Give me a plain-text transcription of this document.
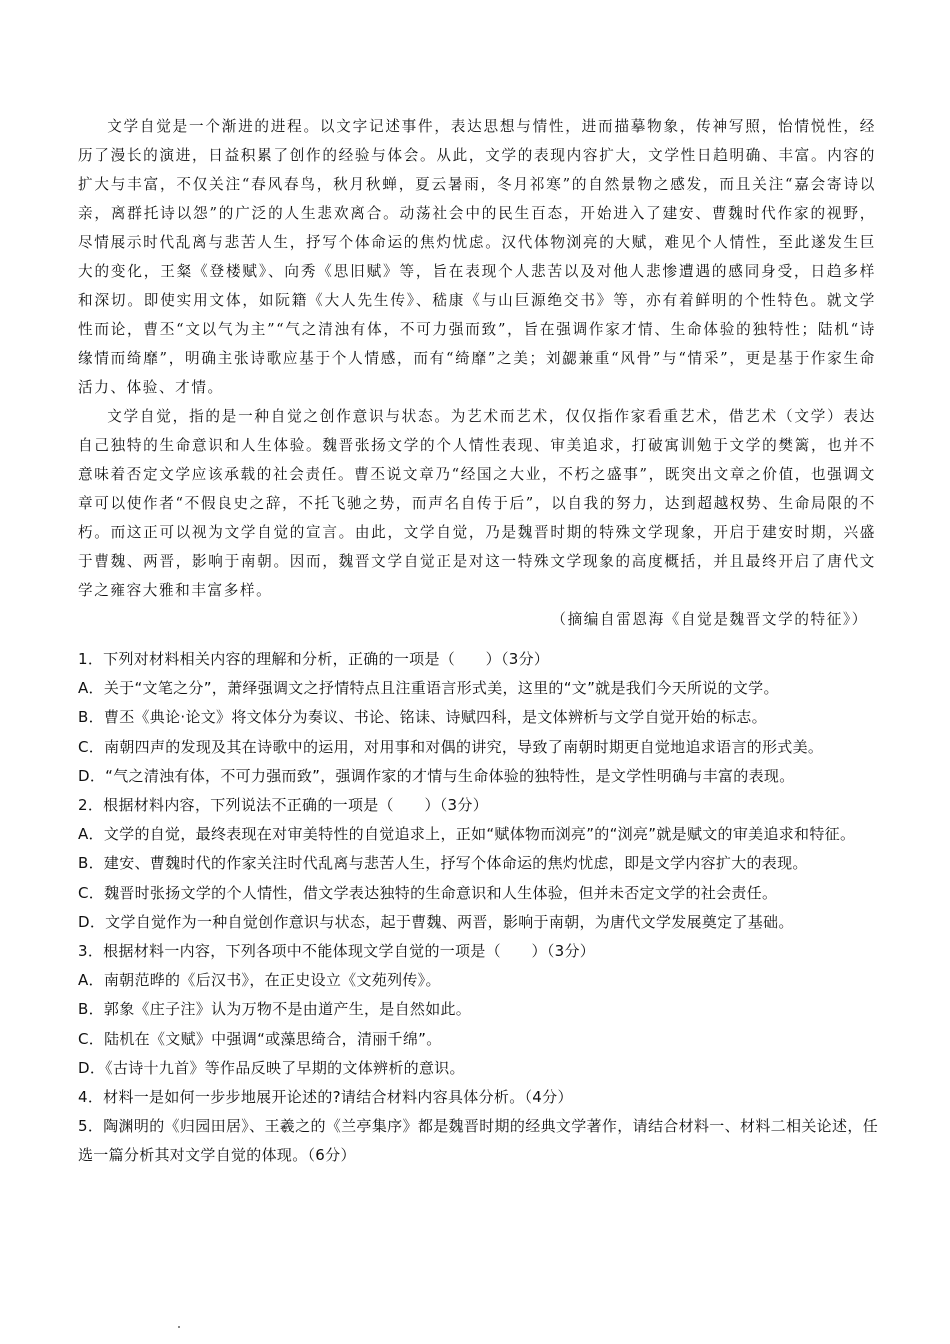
文学自觉是一个渐进的进程。以文字记述事件，表达思想与情性，进而描摹物象，传神写照，怡情悦性，经历了漫长的演进，日益积累了创作的经验与体会。从此，文学的表现内容扩大，文学性日趋明确、丰富。内容的扩大与丰富，不仅关注“春风春鸟，秋月秋蝉，夏云暑雨，冬月祁寒”的自然景物之感发，而且关注“嘉会寄诗以亲，离群托诗以怨”的广泛的人生悲欢离合。动荡社会中的民生百态，开始进入了建安、曹魏时代作家的视野，尽情展示时代乱离与悲苦人生，抒写个体命运的焦灼忧虑。汉代体物浏亮的大赋，难见个人情性，至此遂发生巨大的变化，王粲《登楼赋》、向秀《思旧赋》等，旨在表现个人悲苦以及对他人悲惨遭遇的感同身受，日趋多样和深切。即使实用文体，如阮籍《大人先生传》、嵇康《与山巨源绝交书》等，亦有着鲜明的个性特色。就文学性而论，曹丕“文以气为主”“气之清浊有体，不可力强而致”，旨在强调作家才情、生命体验的独特性；陆机“诗缘情而绮靡”，明确主张诗歌应基于个人情感，而有“绮靡”之美；刘勰兼重“风骨”与“情采”，更是基于作家生命活力、体验、才情。

文学自觉，指的是一种自觉之创作意识与状态。为艺术而艺术，仅仅指作家看重艺术，借艺术（文学）表达自己独特的生命意识和人生体验。魏晋张扬文学的个人情性表现、审美追求，打破寓训勉于文学的樊篱，也并不意味着否定文学应该承载的社会责任。曹丕说文章乃“经国之大业，不朽之盛事”，既突出文章之价值，也强调文章可以使作者“不假良史之辞，不托飞驰之势，而声名自传于后”，以自我的努力，达到超越权势、生命局限的不朽。而这正可以视为文学自觉的宣言。由此，文学自觉，乃是魏晋时期的特殊文学现象，开启于建安时期，兴盛于曹魏、两晋，影响于南朝。因而，魏晋文学自觉正是对这一特殊文学现象的高度概括，并且最终开启了唐代文学之雍容大雅和丰富多样。

（摘编自雷恩海《自觉是魏晋文学的特征》）

1．下列对材料相关内容的理解和分析，正确的一项是（　　）（3分）

A．关于“文笔之分”，萧绎强调文之抒情特点且注重语言形式美，这里的“文”就是我们今天所说的文学。

B．曹丕《典论·论文》将文体分为奏议、书论、铭诔、诗赋四科，是文体辨析与文学自觉开始的标志。

C．南朝四声的发现及其在诗歌中的运用，对用事和对偶的讲究，导致了南朝时期更自觉地追求语言的形式美。

D．“气之清浊有体，不可力强而致”，强调作家的才情与生命体验的独特性，是文学性明确与丰富的表现。

2．根据材料内容，下列说法不正确的一项是（　　）（3分）

A．文学的自觉，最终表现在对审美特性的自觉追求上，正如“赋体物而浏亮”的“浏亮”就是赋文的审美追求和特征。

B．建安、曹魏时代的作家关注时代乱离与悲苦人生，抒写个体命运的焦灼忧虑，即是文学内容扩大的表现。

C．魏晋时张扬文学的个人情性，借文学表达独特的生命意识和人生体验，但并未否定文学的社会责任。

D．文学自觉作为一种自觉创作意识与状态，起于曹魏、两晋，影响于南朝，为唐代文学发展奠定了基础。

3．根据材料一内容，下列各项中不能体现文学自觉的一项是（　　）（3分）

A．南朝范晔的《后汉书》，在正史设立《文苑列传》。

B．郭象《庄子注》认为万物不是由道产生，是自然如此。

C．陆机在《文赋》中强调“或藻思绮合，清丽千绵”。

D．《古诗十九首》等作品反映了早期的文体辨析的意识。

4．材料一是如何一步步地展开论述的?请结合材料内容具体分析。（4分）

5．陶渊明的《归园田居》、王羲之的《兰亭集序》都是魏晋时期的经典文学著作，请结合材料一、材料二相关论述，任选一篇分析其对文学自觉的体现。（6分）
